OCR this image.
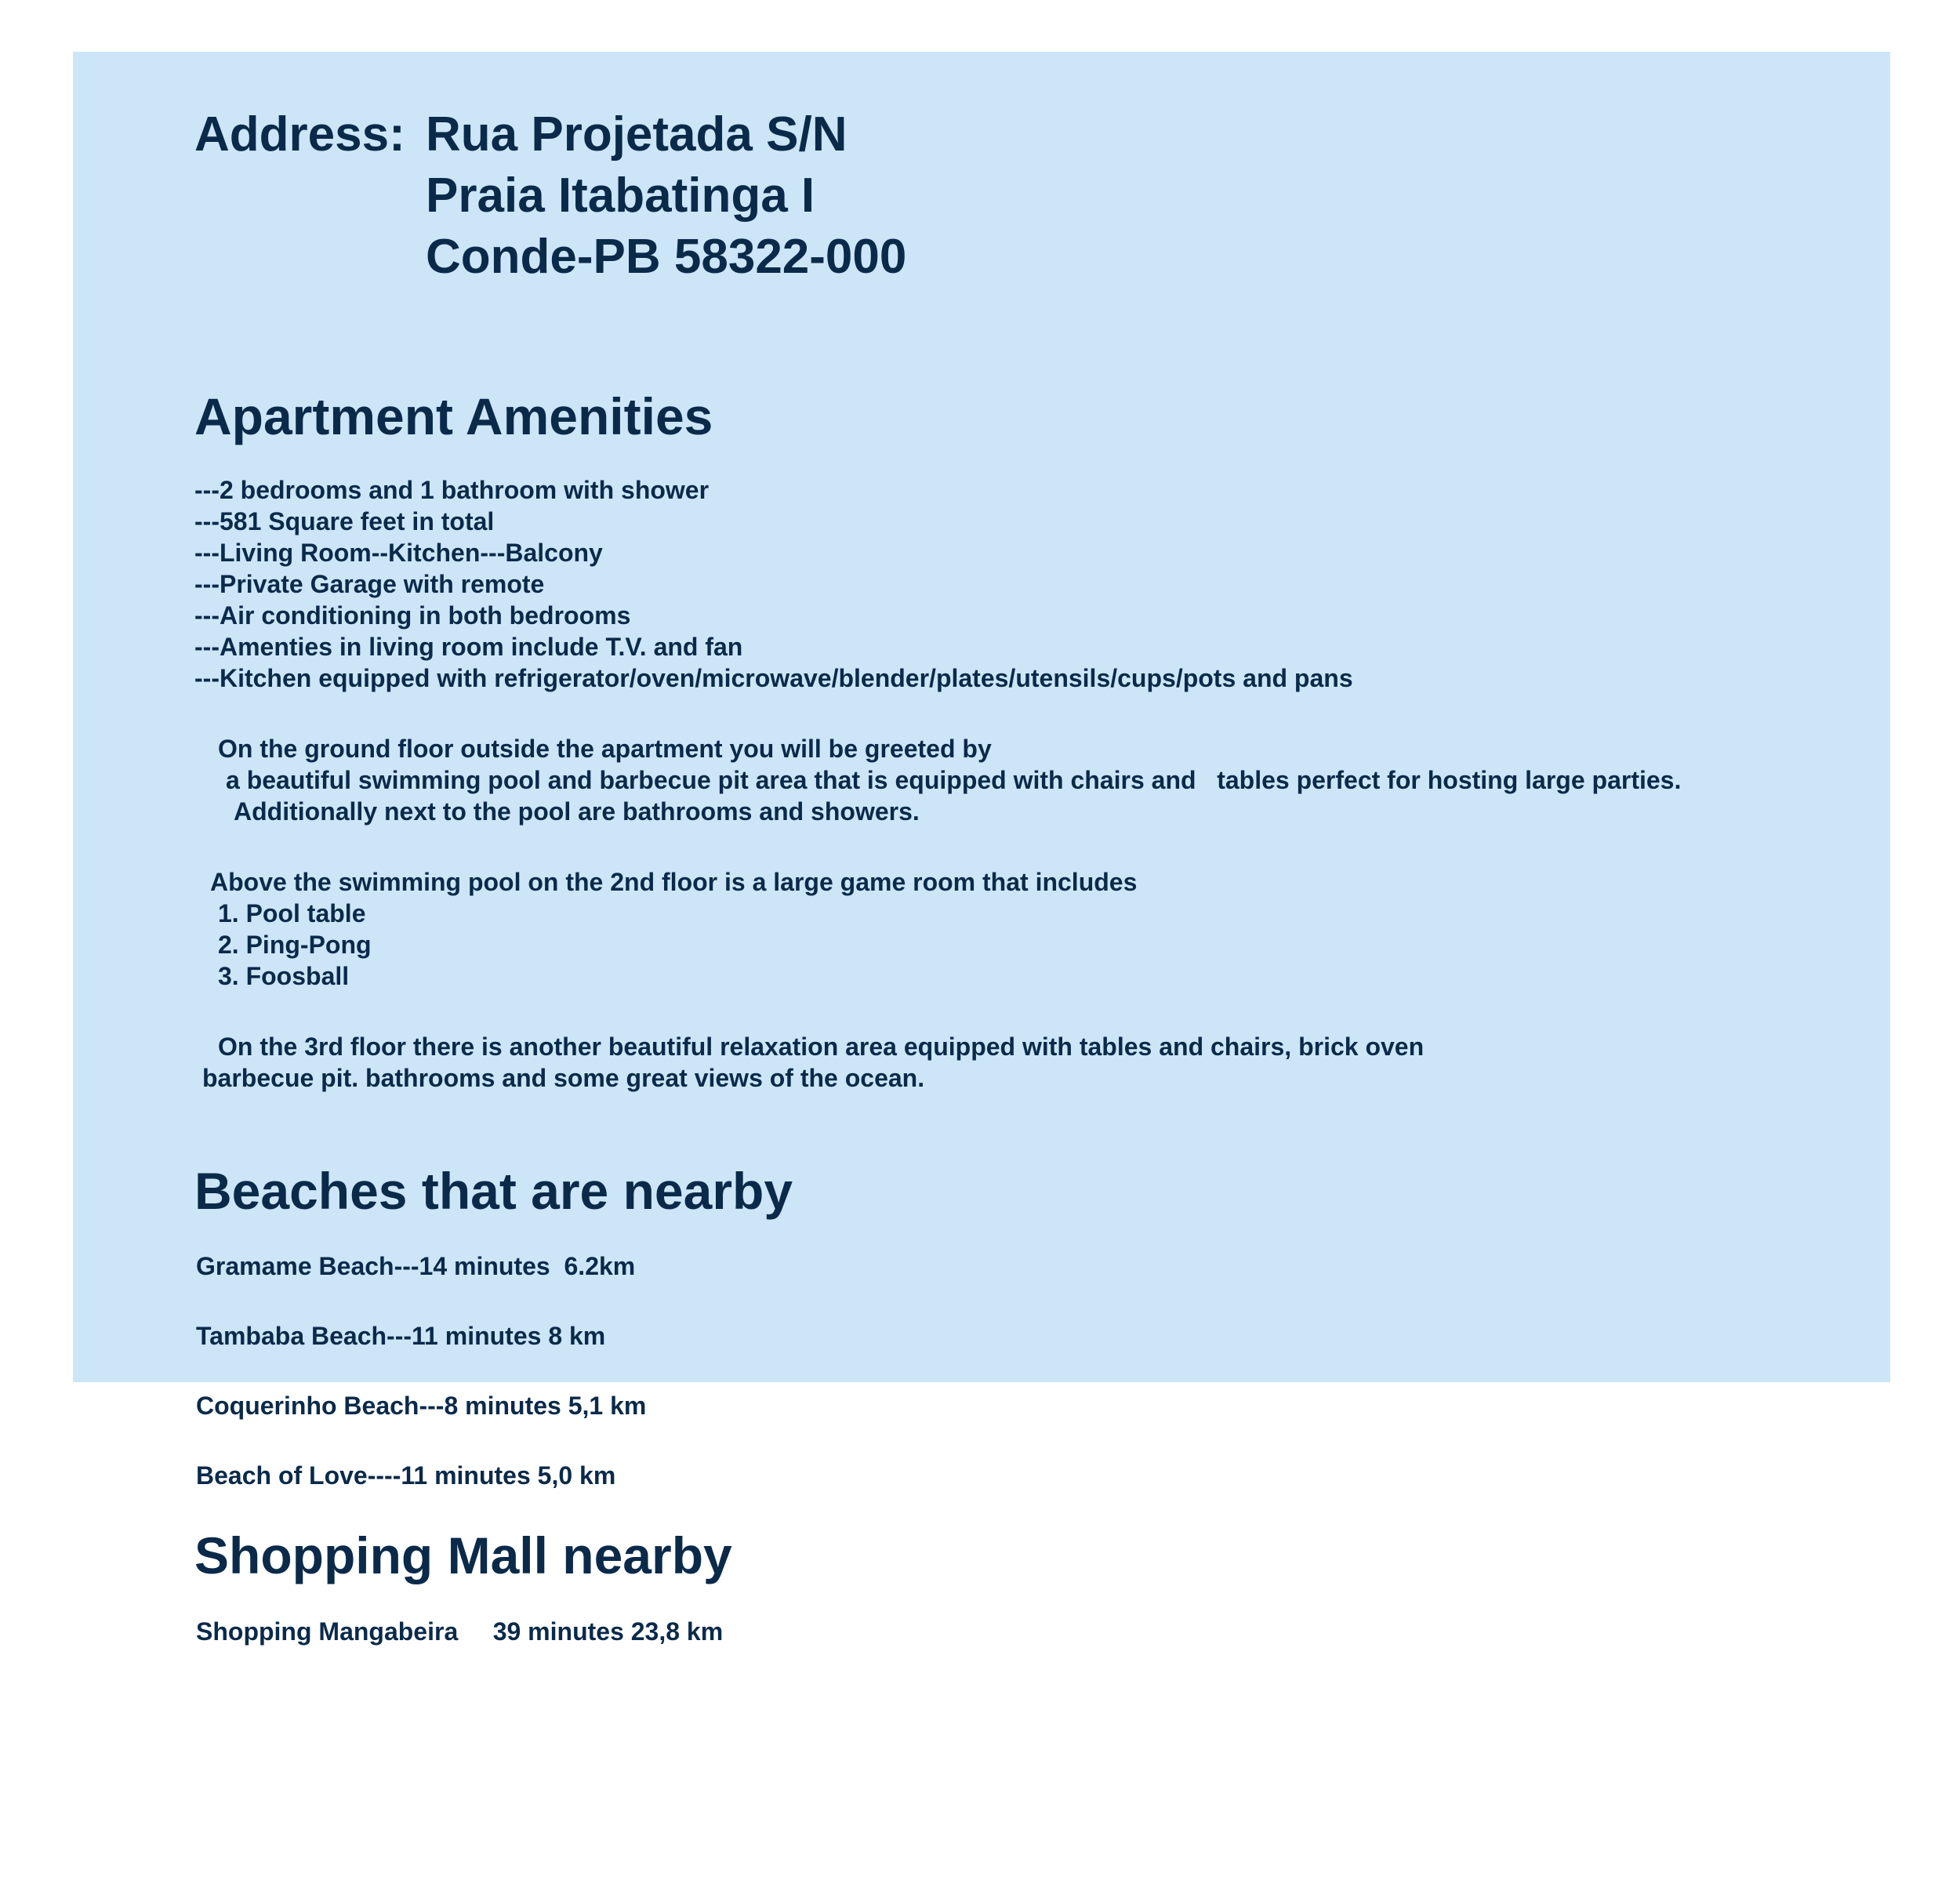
Address: Rua Projetada S/N
Praia Itabatinga I
Conde-PB 58322-000
Apartment Amenities
---2 bedrooms and 1 bathroom with shower
---581 Square feet in total
---Living Room--Kitchen---Balcony
---Private Garage with remote
---Air conditioning in both bedrooms
---Amenties in living room include T.V. and fan
---Kitchen equipped with refrigerator/oven/microwave/blender/plates/utensils/cups/pots and pans
On the ground floor outside the apartment you will be greeted by
a beautiful swimming pool and barbecue pit area that is equipped with chairs and   tables perfect for hosting large parties.
Additionally next to the pool are bathrooms and showers.
Above the swimming pool on the 2nd floor is a large game room that includes
1. Pool table
2. Ping-Pong
3. Foosball
On the 3rd floor there is another beautiful relaxation area equipped with tables and chairs, brick oven
barbecue pit. bathrooms and some great views of the ocean.
Beaches that are nearby
Gramame Beach---14 minutes  6.2km
Tambaba Beach---11 minutes 8 km
Coquerinho Beach---8 minutes 5,1 km
Beach of Love----11 minutes 5,0 km
Shopping Mall nearby
Shopping Mangabeira     39 minutes 23,8 km
